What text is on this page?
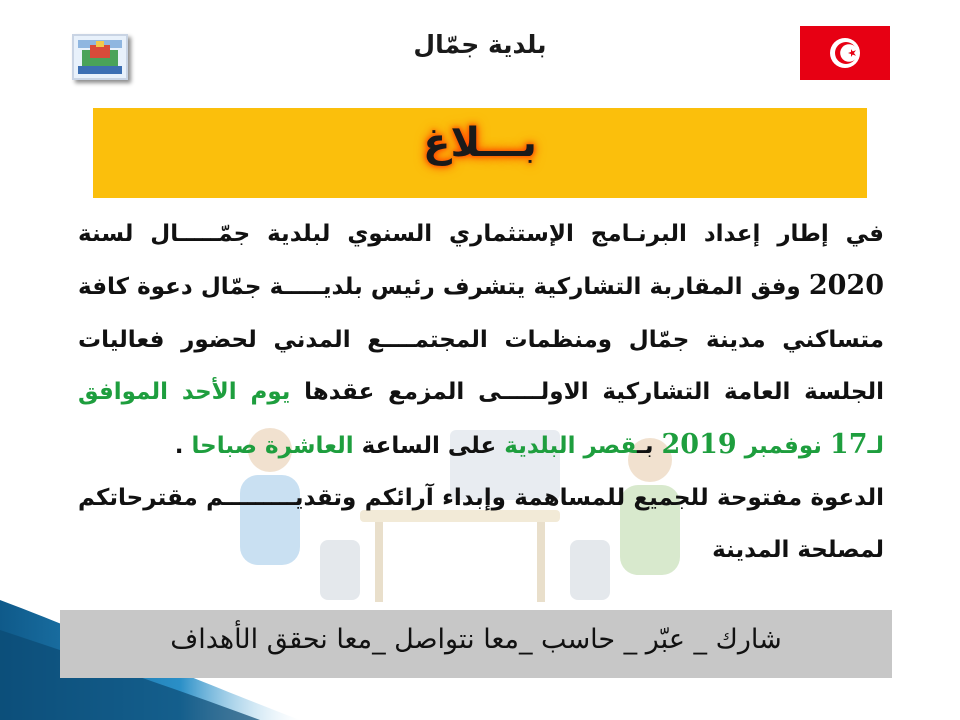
بلدية جمّال
بـــلاغ
في إطار إعداد البرنـامج الإستثماري السنوي لبلدية جمّـــــال لسنة 2020 وفق المقاربة التشاركية يتشرف رئيس بلديـــــة جمّال دعوة كافة متساكني مدينة جمّال ومنظمات المجتمــــع المدني لحضور فعاليات الجلسة العامة التشاركية الاولـــــى المزمع عقدها يوم الأحد الموافق لـ17 نوفمبر 2019 بـقصر البلدية على الساعة العاشرة صباحا .
الدعوة مفتوحة للجميع للمساهمة وإبداء آرائكم وتقديـــــــــم مقترحاتكم لمصلحة المدينة
شارك _ عبّر _ حاسب _معا نتواصل _معا نحقق الأهداف
